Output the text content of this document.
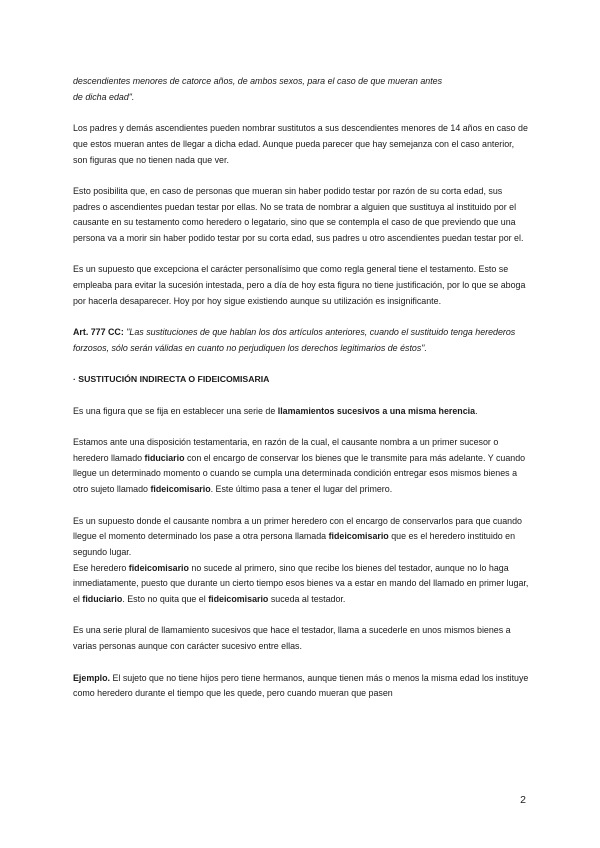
descendientes menores de catorce años, de ambos sexos, para el caso de que mueran antes
de dicha edad".

Los padres y demás ascendientes pueden nombrar sustitutos a sus descendientes menores de 14 años en caso de que estos mueran antes de llegar a dicha edad. Aunque pueda parecer que hay semejanza con el caso anterior, son figuras que no tienen nada que ver.

Esto posibilita que, en caso de personas que mueran sin haber podido testar por razón de su corta edad, sus padres o ascendientes puedan testar por ellas. No se trata de nombrar a alguien que sustituya al instituido por el causante en su testamento como heredero o legatario, sino que se contempla el caso de que previendo que una persona va a morir sin haber podido testar por su corta edad, sus padres u otro ascendientes puedan testar por el.

Es un supuesto que excepciona el carácter personalísimo que como regla general tiene el testamento. Esto se empleaba para evitar la sucesión intestada, pero a día de hoy esta figura no tiene justificación, por lo que se aboga por hacerla desaparecer. Hoy por hoy sigue existiendo aunque su utilización es insignificante.

Art. 777 CC: "Las sustituciones de que hablan los dos artículos anteriores, cuando el sustituido tenga herederos forzosos, sólo serán válidas en cuanto no perjudiquen los derechos legitimarios de éstos".

· SUSTITUCIÓN INDIRECTA O FIDEICOMISARIA

Es una figura que se fija en establecer una serie de llamamientos sucesivos a una misma herencia.

Estamos ante una disposición testamentaria, en razón de la cual, el causante nombra a un primer sucesor o heredero llamado fiduciario con el encargo de conservar los bienes que le transmite para más adelante. Y cuando llegue un determinado momento o cuando se cumpla una determinada condición entregar esos mismos bienes a otro sujeto llamado fideicomisario. Este último pasa a tener el lugar del primero.

Es un supuesto donde el causante nombra a un primer heredero con el encargo de conservarlos para que cuando llegue el momento determinado los pase a otra persona llamada fideicomisario que es el heredero instituido en segundo lugar.
Ese heredero fideicomisario no sucede al primero, sino que recibe los bienes del testador, aunque no lo haga inmediatamente, puesto que durante un cierto tiempo esos bienes va a estar en mando del llamado en primer lugar, el fiduciario. Esto no quita que el fideicomisario suceda al testador.

Es una serie plural de llamamiento sucesivos que hace el testador, llama a sucederle en unos mismos bienes a varias personas aunque con carácter sucesivo entre ellas.

Ejemplo. El sujeto que no tiene hijos pero tiene hermanos, aunque tienen más o menos la misma edad los instituye como heredero durante el tiempo que les quede, pero cuando mueran que pasen

2
